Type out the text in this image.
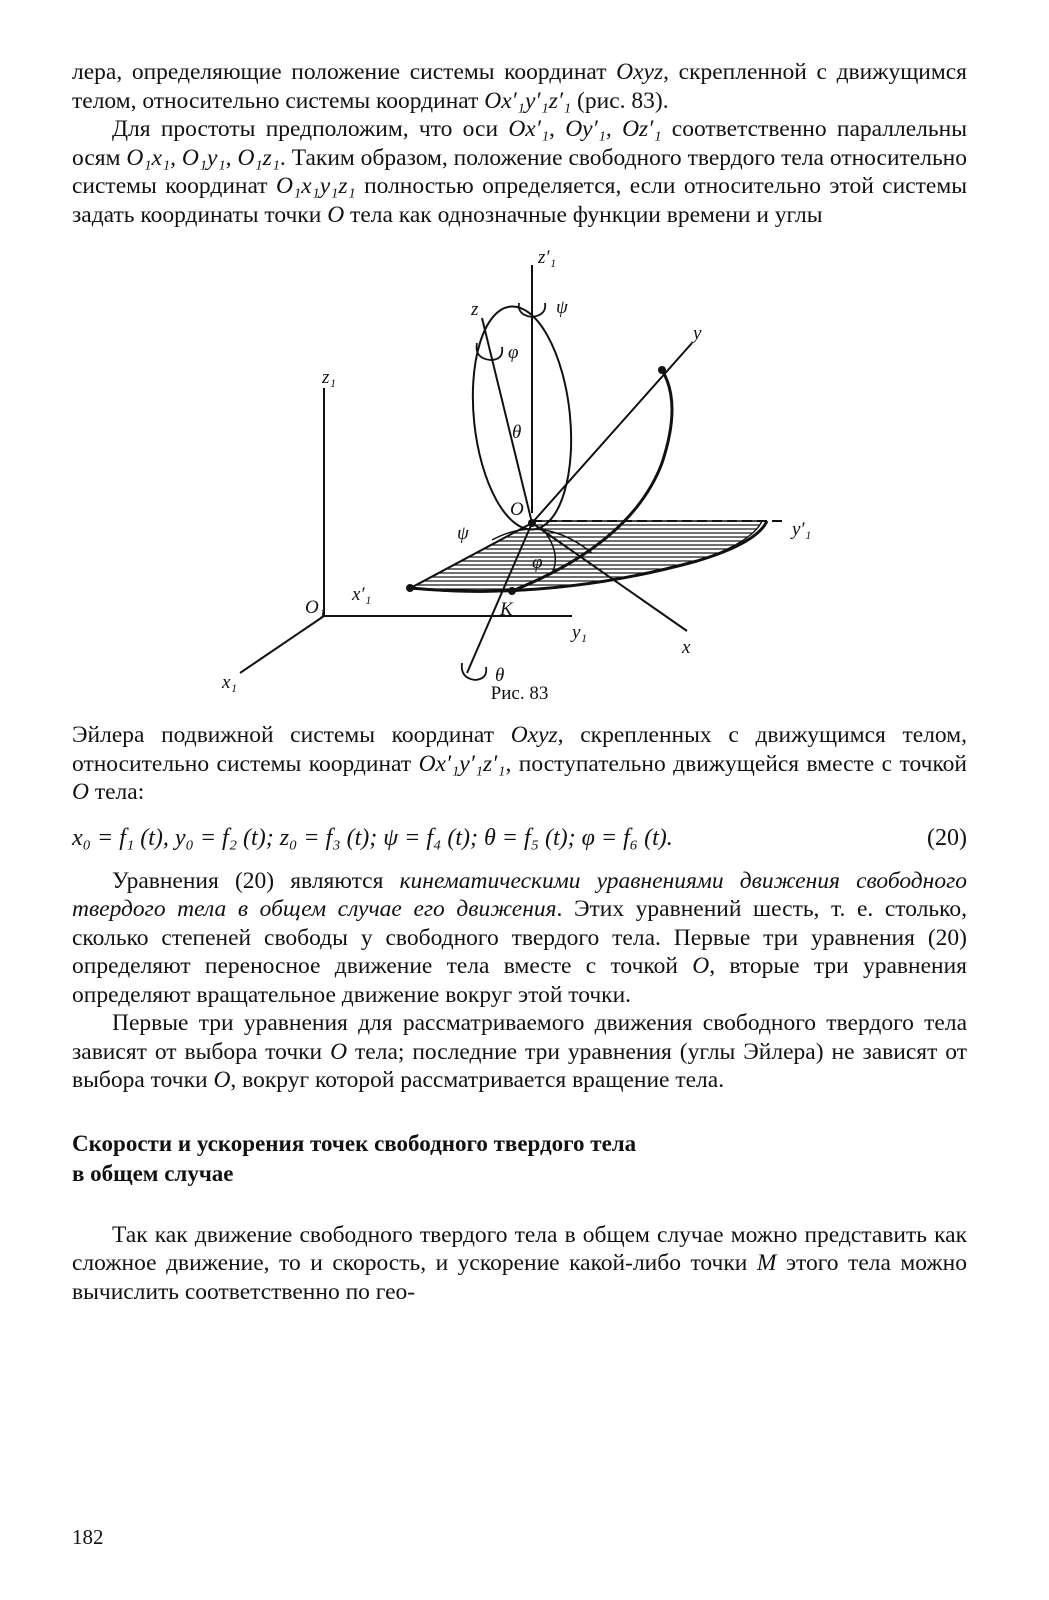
лера, определяющие положение системы координат Oxyz, скрепленной с движущимся телом, относительно системы координат Ox′₁y′₁z′₁ (рис. 83).

Для простоты предположим, что оси Ox′₁, Oy′₁, Oz′₁ соответственно параллельны осям O₁x₁, O₁y₁, O₁z₁. Таким образом, положение свободного твердого тела относительно системы координат O₁x₁y₁z₁ полностью определяется, если относительно этой системы задать координаты точки O тела как однозначные функции времени и углы

z′₁
z	ψ
y
φ
z₁
θ
O
y′₁
ψ
φ
O₁
x′₁
K
y₁
x
θ
x₁
Рис. 83

Эйлера подвижной системы координат Oxyz, скрепленных с движущимся телом, относительно системы координат Ox′₁y′₁z′₁, поступательно движущейся вместе с точкой O тела:

x₀ = f₁ (t), y₀ = f₂ (t); z₀ = f₃ (t); ψ = f₄ (t); θ = f₅ (t); φ = f₆ (t).	(20)

Уравнения (20) являются кинематическими уравнениями движения свободного твердого тела в общем случае его движения. Этих уравнений шесть, т. е. столько, сколько степеней свободы у свободного твердого тела. Первые три уравнения (20) определяют переносное движение тела вместе с точкой O, вторые три уравнения определяют вращательное движение вокруг этой точки.

Первые три уравнения для рассматриваемого движения свободного твердого тела зависят от выбора точки O тела; последние три уравнения (углы Эйлера) не зависят от выбора точки O, вокруг которой рассматривается вращение тела.

Скорости и ускорения точек свободного твердого тела
в общем случае

Так как движение свободного твердого тела в общем случае можно представить как сложное движение, то и скорость, и ускорение какой-либо точки M этого тела можно вычислить соответственно по гео-

182
